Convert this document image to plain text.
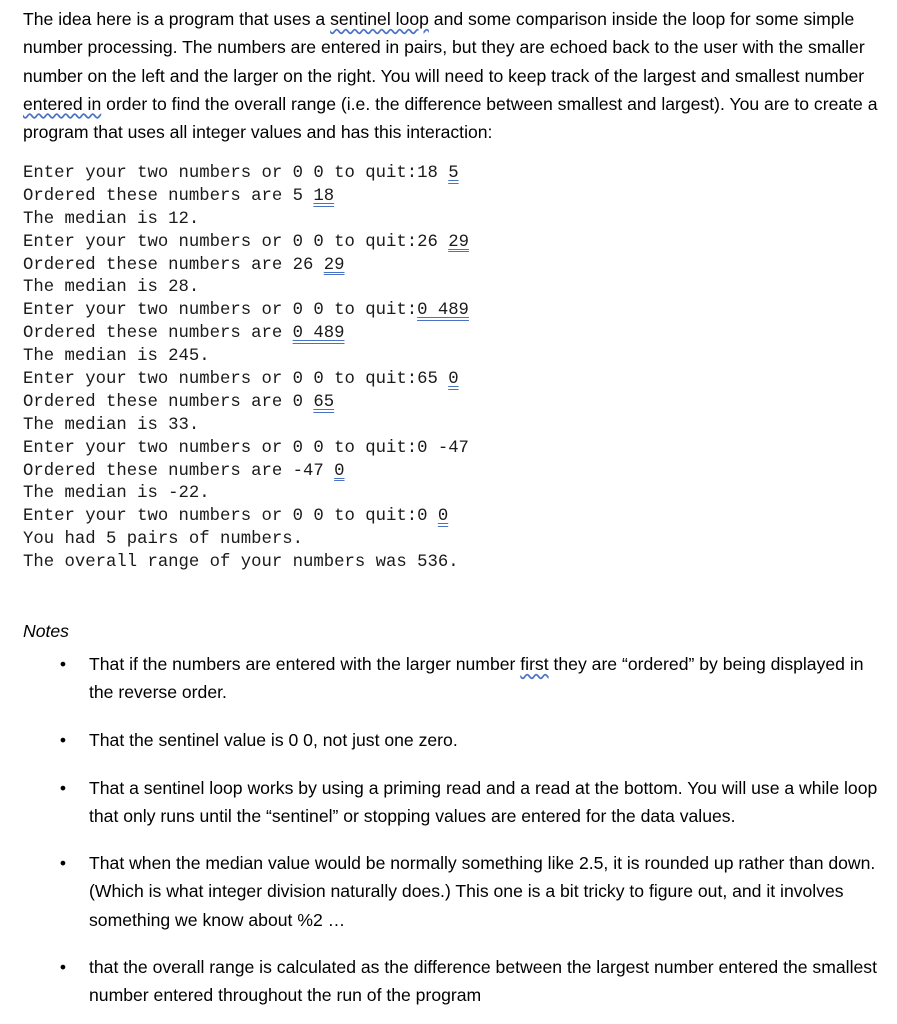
The idea here is a program that uses a sentinel loop and some comparison inside the loop for some simple number processing. The numbers are entered in pairs, but they are echoed back to the user with the smaller number on the left and the larger on the right. You will need to keep track of the largest and smallest number entered in order to find the overall range (i.e. the difference between smallest and largest). You are to create a program that uses all integer values and has this interaction:

Enter your two numbers or 0 0 to quit:18 5
Ordered these numbers are 5 18
The median is 12.
Enter your two numbers or 0 0 to quit:26 29
Ordered these numbers are 26 29
The median is 28.
Enter your two numbers or 0 0 to quit:0 489
Ordered these numbers are 0 489
The median is 245.
Enter your two numbers or 0 0 to quit:65 0
Ordered these numbers are 0 65
The median is 33.
Enter your two numbers or 0 0 to quit:0 -47
Ordered these numbers are -47 0
The median is -22.
Enter your two numbers or 0 0 to quit:0 0
You had 5 pairs of numbers.
The overall range of your numbers was 536.
Notes
• That if the numbers are entered with the larger number first they are “ordered” by being displayed in the reverse order.
• That the sentinel value is 0 0, not just one zero.
• That a sentinel loop works by using a priming read and a read at the bottom. You will use a while loop that only runs until the “sentinel” or stopping values are entered for the data values.
• That when the median value would be normally something like 2.5, it is rounded up rather than down. (Which is what integer division naturally does.) This one is a bit tricky to figure out, and it involves something we know about %2 …
• that the overall range is calculated as the difference between the largest number entered the smallest number entered throughout the run of the program
